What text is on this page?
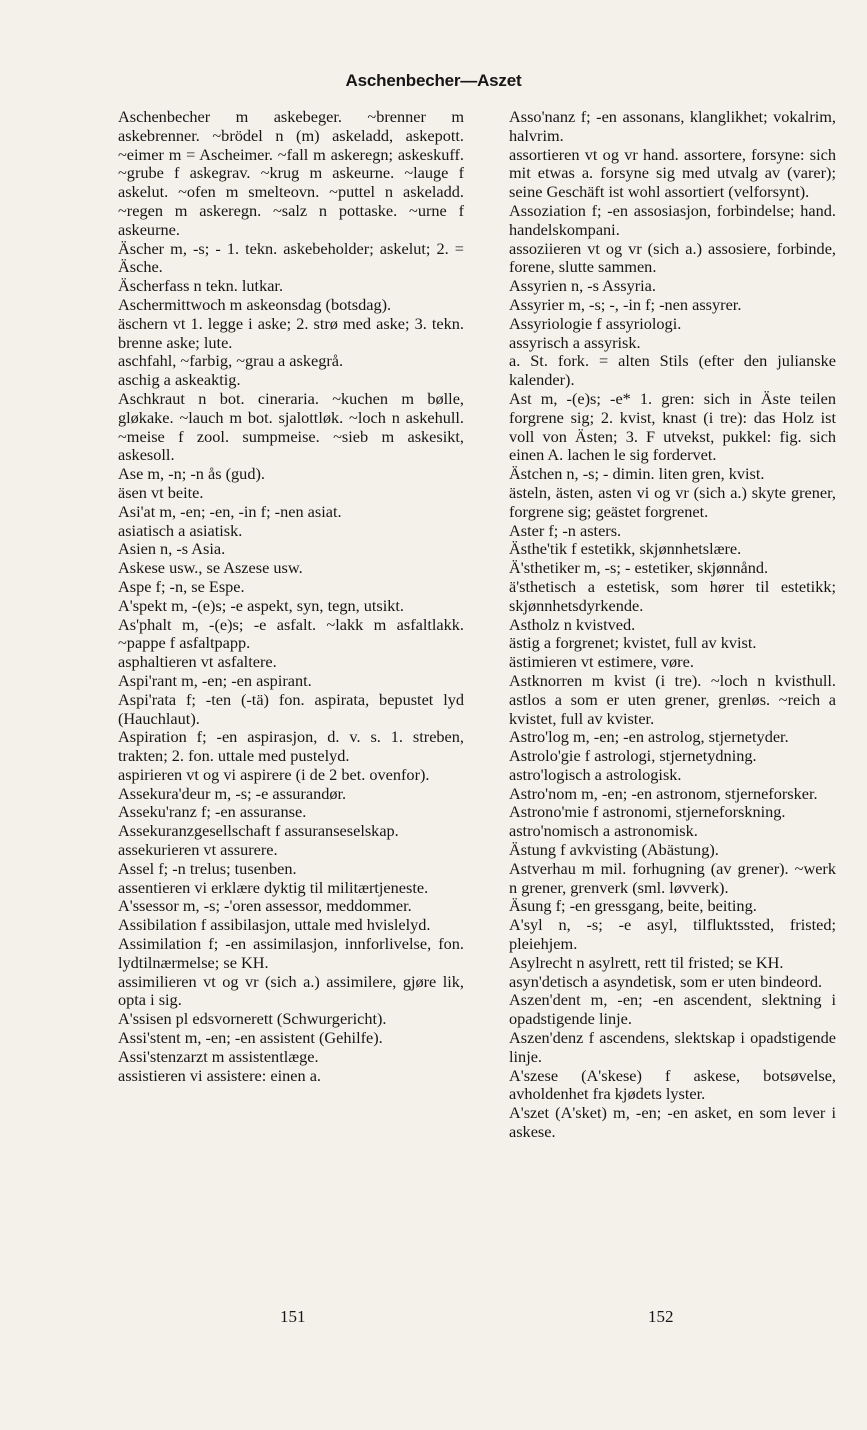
Aschenbecher—Aszet

Aschenbecher m askebeger. ~brenner m askebrenner. ~brödel n (m) askeladd, askepott. ~eimer m = Ascheimer. ~fall m askeregn; askeskuff. ~grube f askegrav. ~krug m askeurne. ~lauge f askelut. ~ofen m smelteovn. ~puttel n askeladd. ~regen m askeregn. ~salz n pottaske. ~urne f askeurne.

Äscher m, -s; - 1. tekn. askebeholder; askelut; 2. = Äsche.

Äscherfass n tekn. lutkar.

Aschermittwoch m askeonsdag (botsdag).

äschern vt 1. legge i aske; 2. strø med aske; 3. tekn. brenne aske; lute.

aschfahl, ~farbig, ~grau a askegrå.

aschig a askeaktig.

Aschkraut n bot. cineraria. ~kuchen m bølle, gløkake. ~lauch m bot. sjalottløk. ~loch n askehull. ~meise f zool. sumpmeise. ~sieb m askesikt, askesoll.

Ase m, -n; -n ås (gud).

äsen vt beite.

Asi'at m, -en; -en, -in f; -nen asiat.

asiatisch a asiatisk.

Asien n, -s Asia.

Askese usw., se Aszese usw.

Aspe f; -n, se Espe.

A'spekt m, -(e)s; -e aspekt, syn, tegn, utsikt.

As'phalt m, -(e)s; -e asfalt. ~lakk m asfaltlakk. ~pappe f asfaltpapp.

asphaltieren vt asfaltere.

Aspi'rant m, -en; -en aspirant.

Aspi'rata f; -ten (-tä) fon. aspirata, bepustet lyd (Hauchlaut).

Aspiration f; -en aspirasjon, d. v. s. 1. streben, trakten; 2. fon. uttale med pustelyd.

aspirieren vt og vi aspirere (i de 2 bet. ovenfor).

Assekura'deur m, -s; -e assurandør.

Asseku'ranz f; -en assuranse.

Assekuranzgesellschaft f assuranseselskap.

assekurieren vt assurere.

Assel f; -n trelus; tusenben.

assentieren vi erklære dyktig til militærtjeneste.

A'ssessor m, -s; -'oren assessor, meddommer.

Assibilation f assibilasjon, uttale med hvislelyd.

Assimilation f; -en assimilasjon, innforlivelse, fon. lydtilnærmelse; se KH.

assimilieren vt og vr (sich a.) assimilere, gjøre lik, opta i sig.

A'ssisen pl edsvornerett (Schwurgericht).

Assi'stent m, -en; -en assistent (Gehilfe).

Assi'stenzarzt m assistentlæge.

assistieren vi assistere: einen a.

Asso'nanz f; -en assonans, klanglikhet; vokalrim, halvrim.

assortieren vt og vr hand. assortere, forsyne: sich mit etwas a. forsyne sig med utvalg av (varer); seine Geschäft ist wohl assortiert (velforsynt).

Assoziation f; -en assosiasjon, forbindelse; hand. handelskompani.

assoziieren vt og vr (sich a.) assosiere, forbinde, forene, slutte sammen.

Assyrien n, -s Assyria.

Assyrier m, -s; -, -in f; -nen assyrer.

Assyriologie f assyriologi.

assyrisch a assyrisk.

a. St. fork. = alten Stils (efter den julianske kalender).

Ast m, -(e)s; -e* 1. gren: sich in Äste teilen forgrene sig; 2. kvist, knast (i tre): das Holz ist voll von Ästen; 3. F utvekst, pukkel: fig. sich einen A. lachen le sig fordervet.

Ästchen n, -s; - dimin. liten gren, kvist.

ästeln, ästen, asten vi og vr (sich a.) skyte grener, forgrene sig; geästet forgrenet.

Aster f; -n asters.

Ästhe'tik f estetikk, skjønnhetslære.

Ä'sthetiker m, -s; - estetiker, skjønnånd.

ä'sthetisch a estetisk, som hører til estetikk; skjønnhetsdyrkende.

Astholz n kvistved.

ästig a forgrenet; kvistet, full av kvist.

ästimieren vt estimere, vøre.

Astknorren m kvist (i tre). ~loch n kvisthull. astlos a som er uten grener, grenløs. ~reich a kvistet, full av kvister.

Astro'log m, -en; -en astrolog, stjernetyder.

Astrolo'gie f astrologi, stjernetydning.

astro'logisch a astrologisk.

Astro'nom m, -en; -en astronom, stjerneforsker.

Astrono'mie f astronomi, stjerneforskning.

astro'nomisch a astronomisk.

Ästung f avkvisting (Abästung).

Astverhau m mil. forhugning (av grener). ~werk n grener, grenverk (sml. løvverk).

Äsung f; -en gressgang, beite, beiting.

A'syl n, -s; -e asyl, tilfluktssted, fristed; pleiehjem.

Asylrecht n asylrett, rett til fristed; se KH.

asyn'detisch a asyndetisk, som er uten bindeord.

Aszen'dent m, -en; -en ascendent, slektning i opadstigende linje.

Aszen'denz f ascendens, slektskap i opadstigende linje.

A'szese (A'skese) f askese, botsøvelse, avholdenhet fra kjødets lyster.

A'szet (A'sket) m, -en; -en asket, en som lever i askese.

151	152
